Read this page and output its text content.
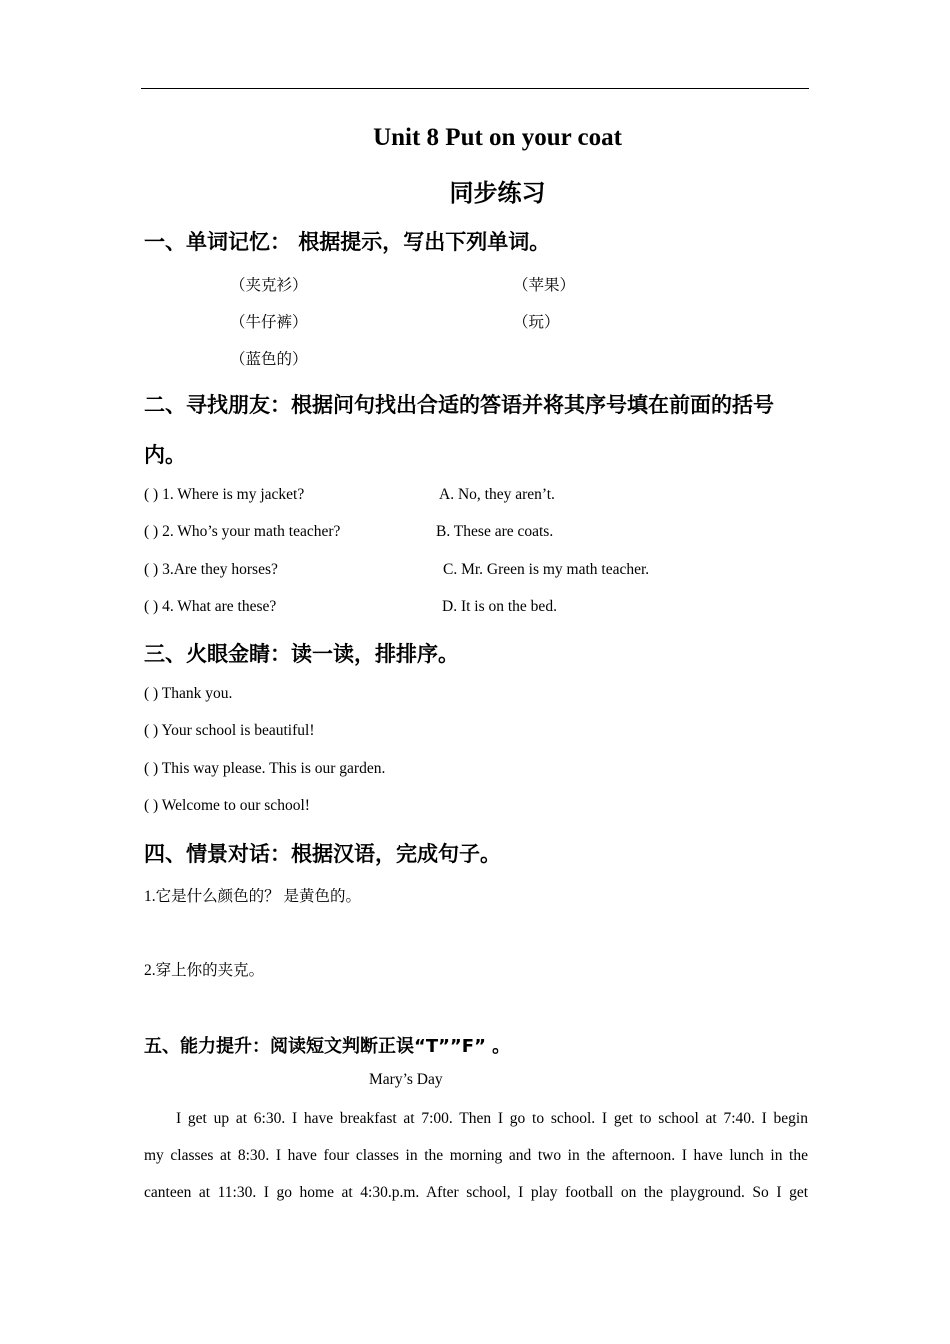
Unit 8 Put on your coat
同步练习
一、单词记忆： 根据提示，写出下列单词。
（夹克衫）	（苹果）
（牛仔裤）	（玩）
（蓝色的）
二、寻找朋友：根据问句找出合适的答语并将其序号填在前面的括号
内。
( ) 1. Where is my jacket?	A. No, they aren’t.
( ) 2. Who’s your math teacher?	B. These are coats.
( ) 3.Are they horses?	C. Mr. Green is my math teacher.
( ) 4. What are these?	D. It is on the bed.
三、火眼金睛：读一读，排排序。
( ) Thank you.
( ) Your school is beautiful!
( ) This way please. This is our garden.
( ) Welcome to our school!
四、情景对话：根据汉语，完成句子。
1.它是什么颜色的？ 是黄色的。
2.穿上你的夹克。
五、能力提升：阅读短文判断正误“T””F” 。
Mary’s Day
I get up at 6:30. I have breakfast at 7:00. Then I go to school. I get to school at 7:40. I begin
my classes at 8:30. I have four classes in the morning and two in the afternoon. I have lunch in the
canteen at 11:30. I go home at 4:30.p.m. After school, I play football on the playground. So I get
